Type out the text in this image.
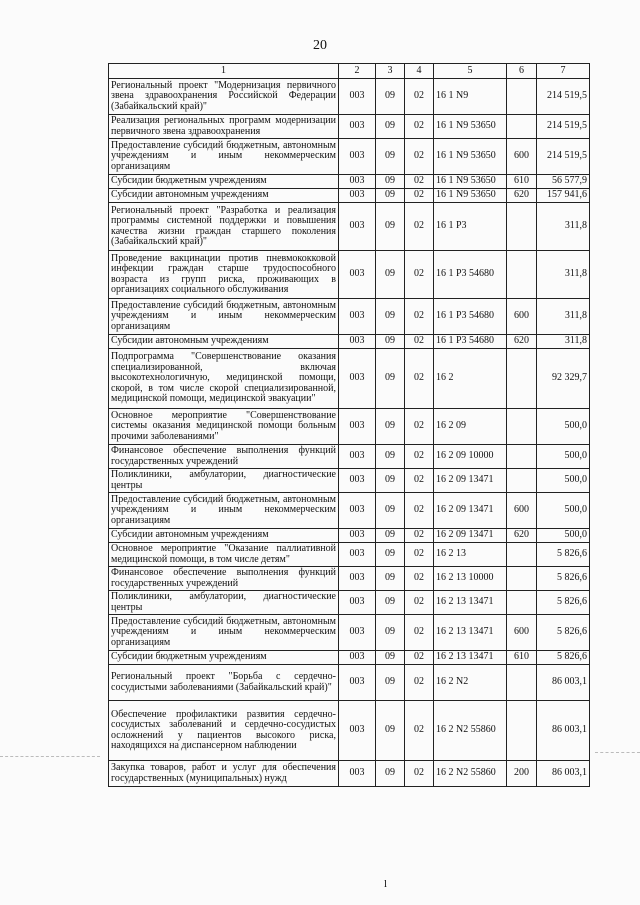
20
1	2	3	4	5	6	7
Региональный проект "Модернизация первичного звена здравоохранения Российской Федерации (Забайкальский край)"	003	09	02	16 1 N9		214 519,5
Реализация региональных программ модернизации первичного звена здравоохранения	003	09	02	16 1 N9 53650		214 519,5
Предоставление субсидий бюджетным, автономным учреждениям и иным некоммерческим организациям	003	09	02	16 1 N9 53650	600	214 519,5
Субсидии бюджетным учреждениям	003	09	02	16 1 N9 53650	610	56 577,9
Субсидии автономным учреждениям	003	09	02	16 1 N9 53650	620	157 941,6
Региональный проект "Разработка и реализация программы системной поддержки и повышения качества жизни граждан старшего поколения (Забайкальский край)"	003	09	02	16 1 P3		311,8
Проведение вакцинации против пневмококковой инфекции граждан старше трудоспособного возраста из групп риска, проживающих в организациях социального обслуживания	003	09	02	16 1 P3 54680		311,8
Предоставление субсидий бюджетным, автономным учреждениям и иным некоммерческим организациям	003	09	02	16 1 P3 54680	600	311,8
Субсидии автономным учреждениям	003	09	02	16 1 P3 54680	620	311,8
Подпрограмма "Совершенствование оказания специализированной, включая высокотехнологичную, медицинской помощи, скорой, в том числе скорой специализированной, медицинской помощи, медицинской эвакуации"	003	09	02	16 2		92 329,7
Основное мероприятие "Совершенствование системы оказания медицинской помощи больным прочими заболеваниями"	003	09	02	16 2 09		500,0
Финансовое обеспечение выполнения функций государственных учреждений	003	09	02	16 2 09 10000		500,0
Поликлиники, амбулатории, диагностические центры	003	09	02	16 2 09 13471		500,0
Предоставление субсидий бюджетным, автономным учреждениям и иным некоммерческим организациям	003	09	02	16 2 09 13471	600	500,0
Субсидии автономным учреждениям	003	09	02	16 2 09 13471	620	500,0
Основное мероприятие "Оказание паллиативной медицинской помощи, в том числе детям"	003	09	02	16 2 13		5 826,6
Финансовое обеспечение выполнения функций государственных учреждений	003	09	02	16 2 13 10000		5 826,6
Поликлиники, амбулатории, диагностические центры	003	09	02	16 2 13 13471		5 826,6
Предоставление субсидий бюджетным, автономным учреждениям и иным некоммерческим организациям	003	09	02	16 2 13 13471	600	5 826,6
Субсидии бюджетным учреждениям	003	09	02	16 2 13 13471	610	5 826,6
Региональный проект "Борьба с сердечно-сосудистыми заболеваниями (Забайкальский край)"	003	09	02	16 2 N2		86 003,1
Обеспечение профилактики развития сердечно-сосудистых заболеваний и сердечно-сосудистых осложнений у пациентов высокого риска, находящихся на диспансерном наблюдении	003	09	02	16 2 N2 55860		86 003,1
Закупка товаров, работ и услуг для обеспечения государственных (муниципальных) нужд	003	09	02	16 2 N2 55860	200	86 003,1
l
